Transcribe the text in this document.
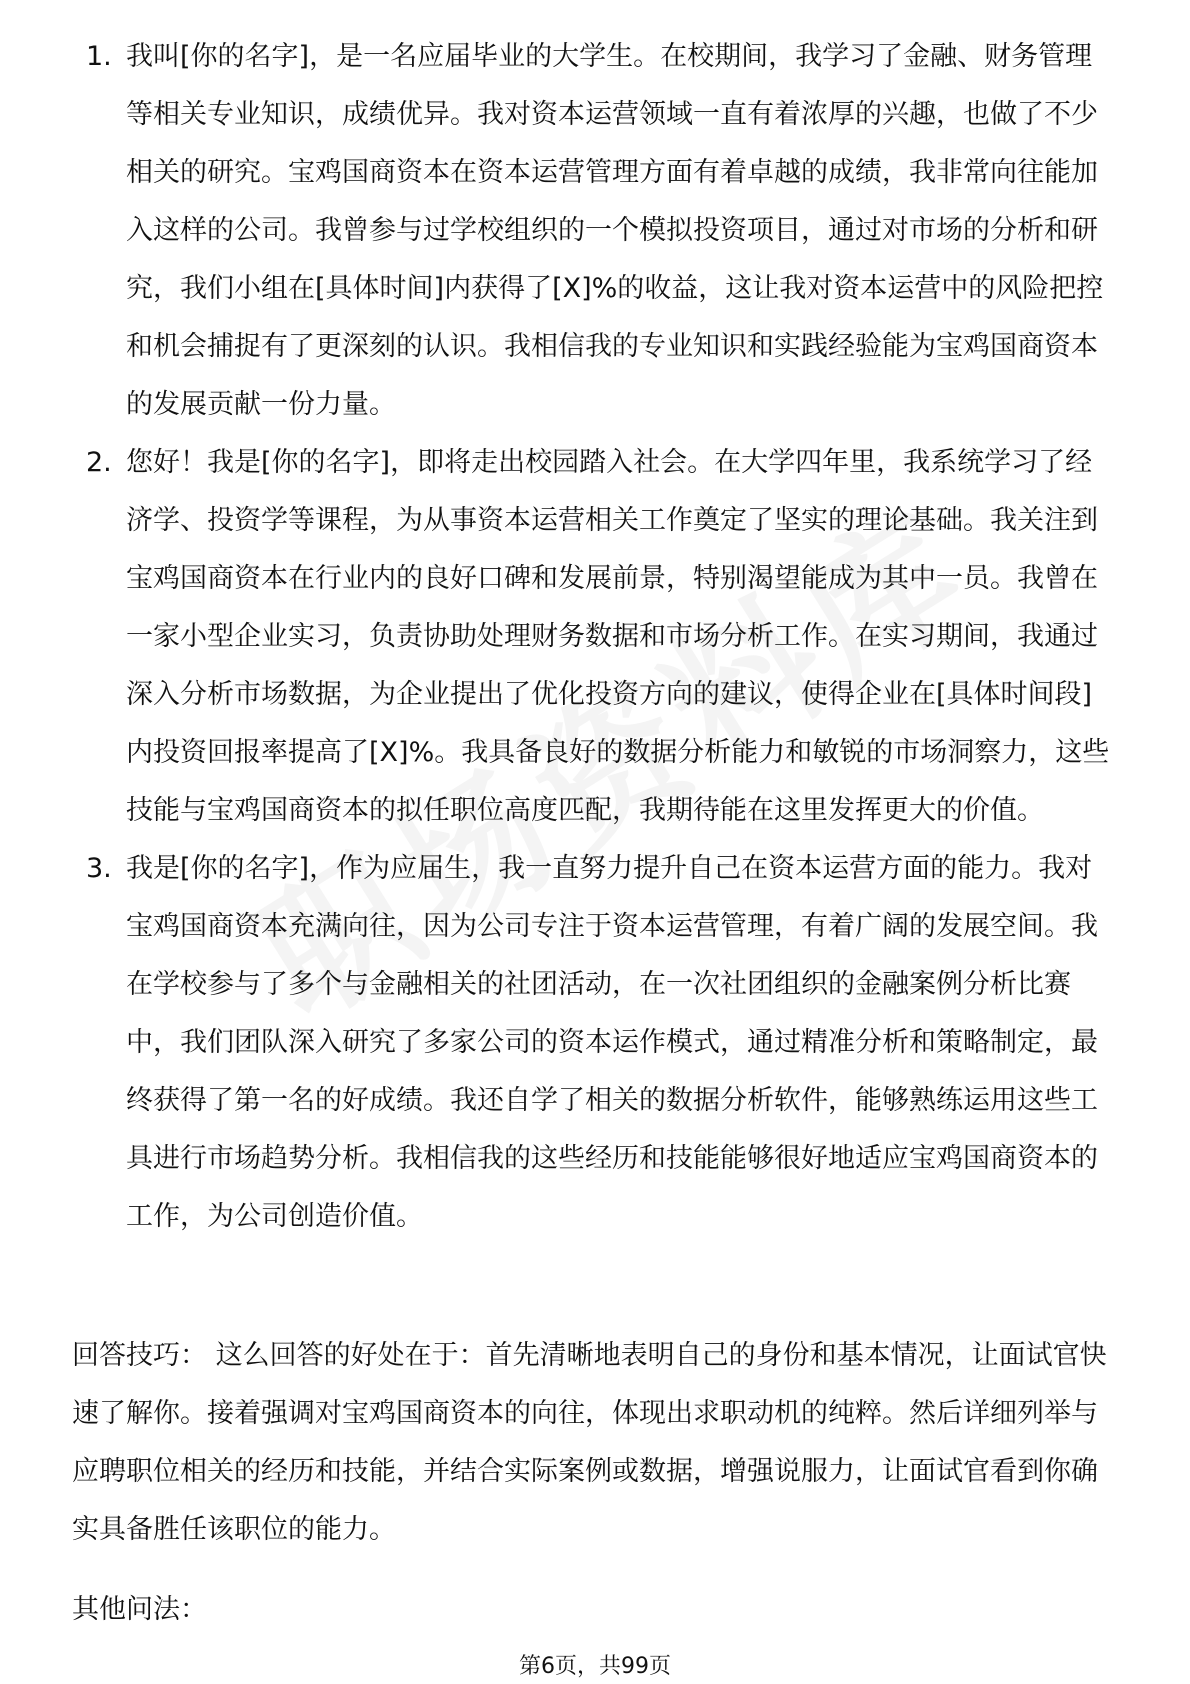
1. 我叫[你的名字]，是一名应届毕业的大学生。在校期间，我学习了金融、财务管理等相关专业知识，成绩优异。我对资本运营领域一直有着浓厚的兴趣，也做了不少相关的研究。宝鸡国商资本在资本运营管理方面有着卓越的成绩，我非常向往能加入这样的公司。我曾参与过学校组织的一个模拟投资项目，通过对市场的分析和研究，我们小组在[具体时间]内获得了[X]%的收益，这让我对资本运营中的风险把控和机会捕捉有了更深刻的认识。我相信我的专业知识和实践经验能为宝鸡国商资本的发展贡献一份力量。
2. 您好！我是[你的名字]，即将走出校园踏入社会。在大学四年里，我系统学习了经济学、投资学等课程，为从事资本运营相关工作奠定了坚实的理论基础。我关注到宝鸡国商资本在行业内的良好口碑和发展前景，特别渴望能成为其中一员。我曾在一家小型企业实习，负责协助处理财务数据和市场分析工作。在实习期间，我通过深入分析市场数据，为企业提出了优化投资方向的建议，使得企业在[具体时间段]内投资回报率提高了[X]%。我具备良好的数据分析能力和敏锐的市场洞察力，这些技能与宝鸡国商资本的拟任职位高度匹配，我期待能在这里发挥更大的价值。
3. 我是[你的名字]，作为应届生，我一直努力提升自己在资本运营方面的能力。我对宝鸡国商资本充满向往，因为公司专注于资本运营管理，有着广阔的发展空间。我在学校参与了多个与金融相关的社团活动，在一次社团组织的金融案例分析比赛中，我们团队深入研究了多家公司的资本运作模式，通过精准分析和策略制定，最终获得了第一名的好成绩。我还自学了相关的数据分析软件，能够熟练运用这些工具进行市场趋势分析。我相信我的这些经历和技能能够很好地适应宝鸡国商资本的工作，为公司创造价值。

回答技巧： 这么回答的好处在于：首先清晰地表明自己的身份和基本情况，让面试官快速了解你。接着强调对宝鸡国商资本的向往，体现出求职动机的纯粹。然后详细列举与应聘职位相关的经历和技能，并结合实际案例或数据，增强说服力，让面试官看到你确实具备胜任该职位的能力。

其他问法：

第6页，共99页
